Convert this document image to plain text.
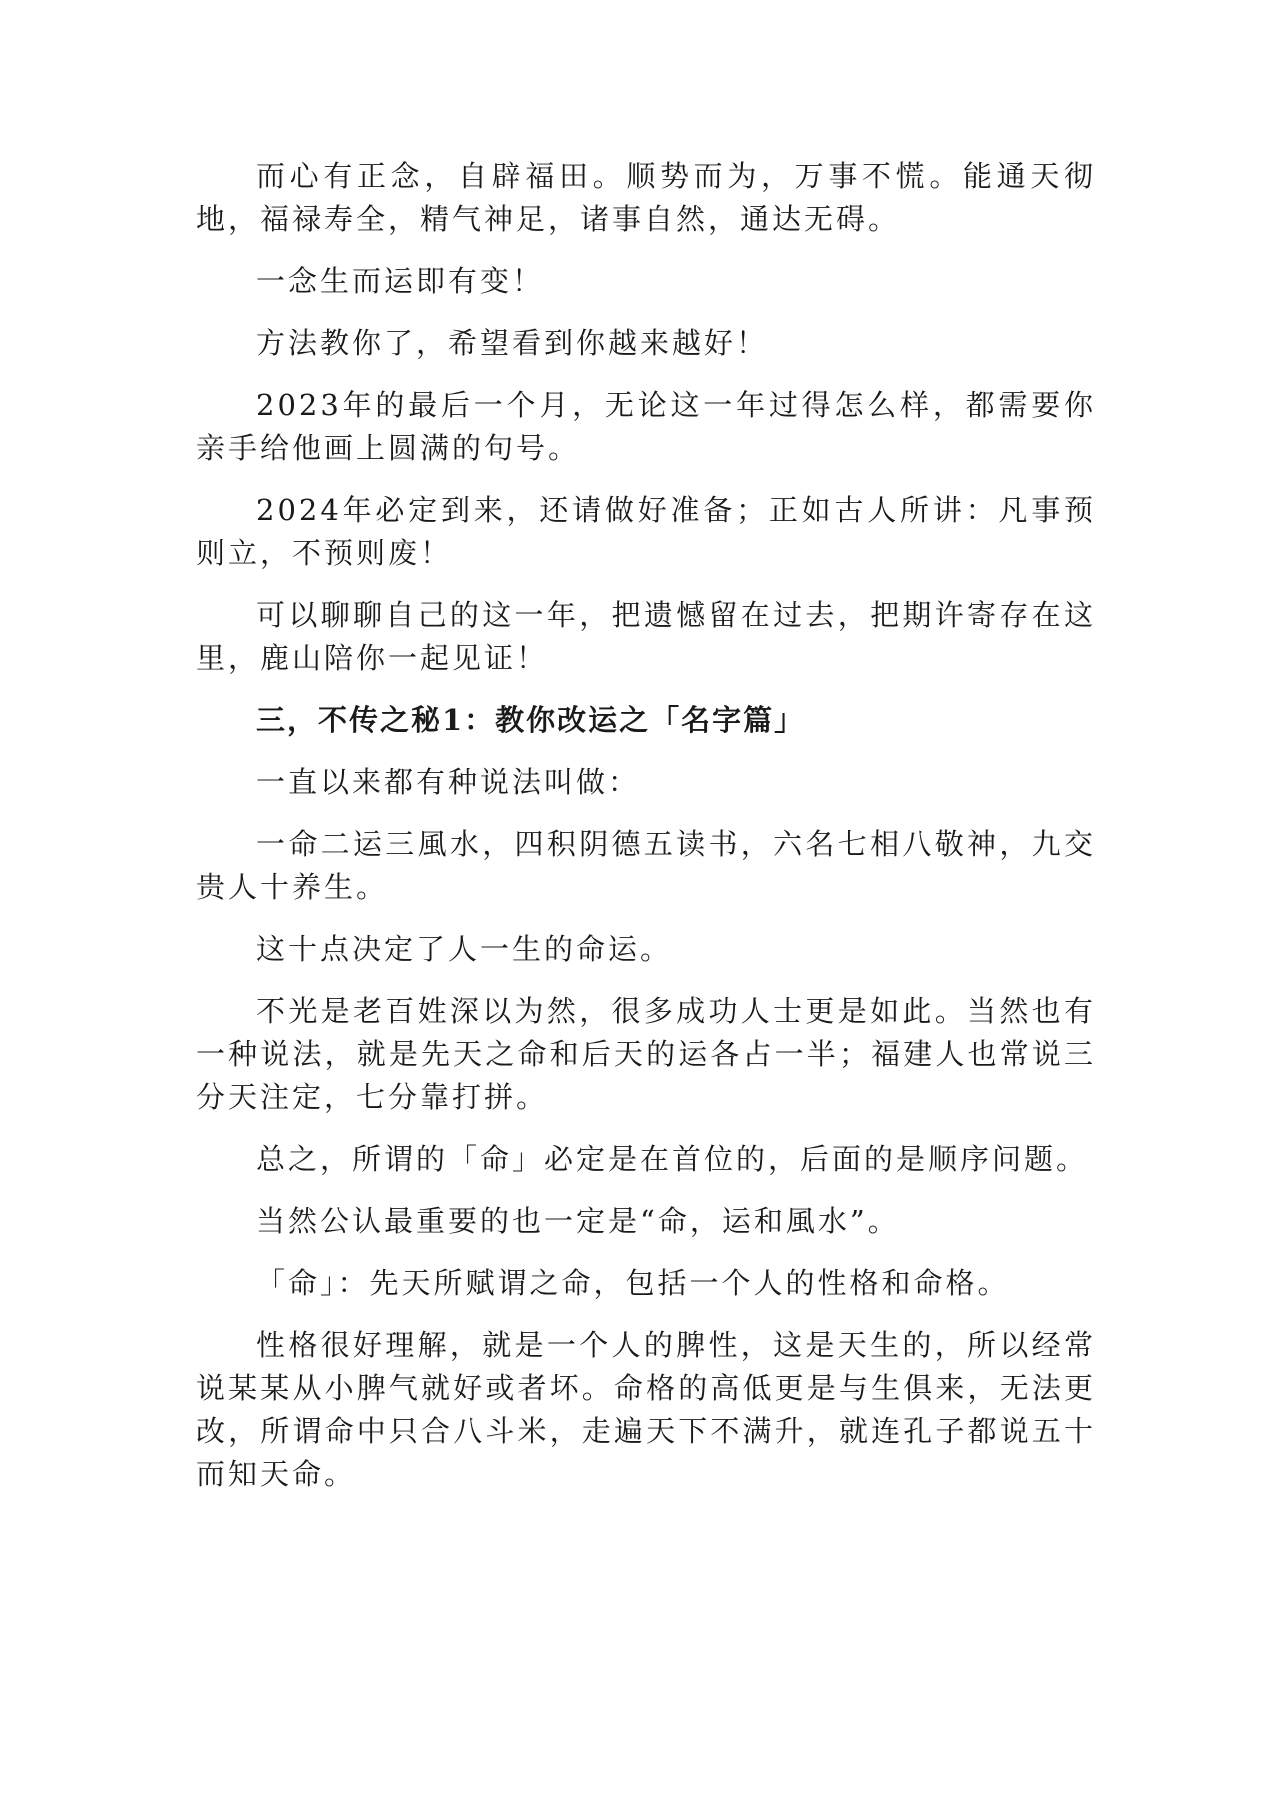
而心有正念，自辟福田。顺势而为，万事不慌。能通天彻地，福禄寿全，精气神足，诸事自然，通达无碍。

一念生而运即有变！

方法教你了，希望看到你越来越好！

2023年的最后一个月，无论这一年过得怎么样，都需要你亲手给他画上圆满的句号。

2024年必定到来，还请做好准备；正如古人所讲：凡事预则立，不预则废！

可以聊聊自己的这一年，把遗憾留在过去，把期许寄存在这里，鹿山陪你一起见证！

三，不传之秘1：教你改运之「名字篇」

一直以来都有种说法叫做：

一命二运三風水，四积阴德五读书，六名七相八敬神，九交贵人十养生。

这十点决定了人一生的命运。

不光是老百姓深以为然，很多成功人士更是如此。当然也有一种说法，就是先天之命和后天的运各占一半；福建人也常说三分天注定，七分靠打拼。

总之，所谓的「命」必定是在首位的，后面的是顺序问题。

当然公认最重要的也一定是“命，运和風水”。

「命」：先天所赋谓之命，包括一个人的性格和命格。

性格很好理解，就是一个人的脾性，这是天生的，所以经常说某某从小脾气就好或者坏。命格的高低更是与生俱来，无法更改，所谓命中只合八斗米，走遍天下不满升，就连孔子都说五十而知天命。
